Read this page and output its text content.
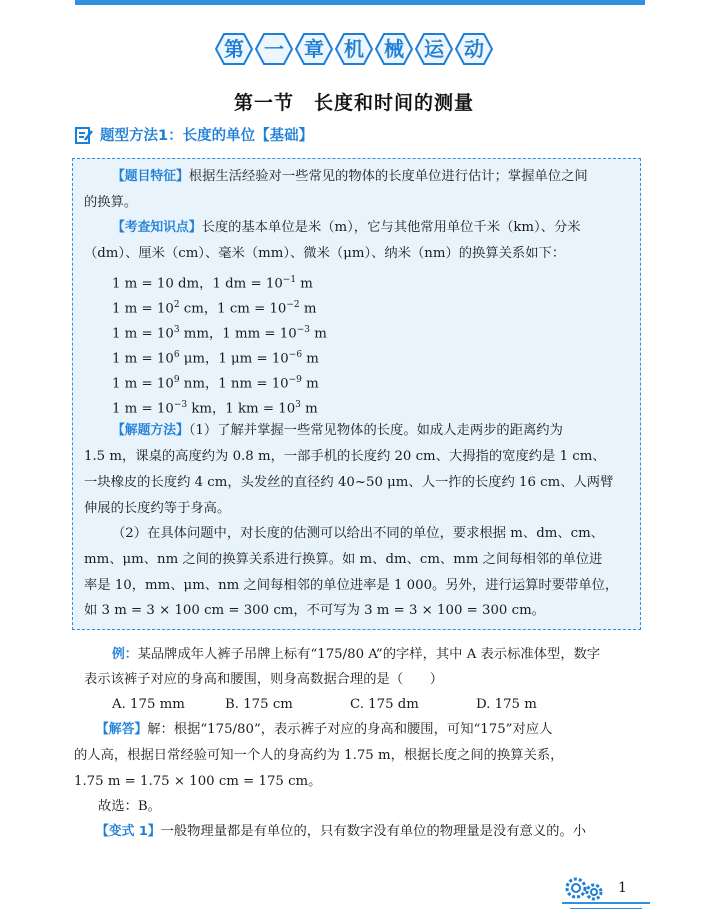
第	一	章	机	械	运	动
第一节　长度和时间的测量
题型方法1：长度的单位【基础】
【题目特征】根据生活经验对一些常见的物体的长度单位进行估计；掌握单位之间
的换算。
【考查知识点】长度的基本单位是米（m），它与其他常用单位千米（km）、分米
（dm）、厘米（cm）、毫米（mm）、微米（μm）、纳米（nm）的换算关系如下：
1 m = 10 dm，1 dm = $10^{-1}$ m
1 $m = 10^2$ cm，1 cm = $10^{-2}$ m
1 $m = 10^3$ mm，1 mm = $10^{-3}$ m
1 $m = 10^6$ μm，1 $\mu m = 10^{-6}$ m
1 $m = 10^9$ nm，1 nm = $10^{-9}$ m
1 $m = 10^{-3}$ km，1 km = $10^3$ m
【解题方法】（1）了解并掌握一些常见物体的长度。如成人走两步的距离约为
1.5 m，课桌的高度约为 0.8 m，一部手机的长度约 20 cm、大拇指的宽度约是 1 cm、
一块橡皮的长度约 4 cm，头发丝的直径约 40~50 μm、人一拃的长度约 16 cm、人两臂
伸展的长度约等于身高。
（2）在具体问题中，对长度的估测可以给出不同的单位，要求根据 m、dm、cm、
mm、μm、nm 之间的换算关系进行换算。如 m、dm、cm、mm 之间每相邻的单位进
率是 10，mm、μm、nm 之间每相邻的单位进率是 1 000。另外，进行运算时要带单位，
如 3 m = 3 × 100 cm = 300 cm，不可写为 3 m = 3 × 100 = 300 cm。
例：某品牌成年人裤子吊牌上标有“175/80 A”的字样，其中 A 表示标准体型，数字
表示该裤子对应的身高和腰围，则身高数据合理的是（　　）
A. 175 mm	B. 175 cm	C. 175 dm	D. 175 m
【解答】解：根据“175/80”，表示裤子对应的身高和腰围，可知“175”对应人
的人高，根据日常经验可知一个人的身高约为 1.75 m，根据长度之间的换算关系，
1.75 m = 1.75 × 100 cm = 175 cm。
故选：B。
【变式 1】一般物理量都是有单位的，只有数字没有单位的物理量是没有意义的。小
1
